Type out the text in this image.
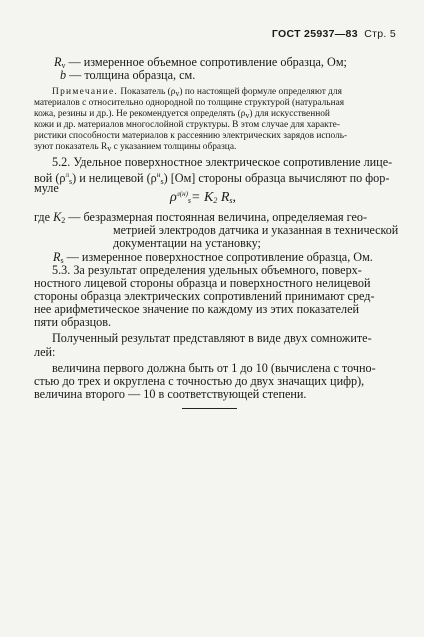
ГОСТ 25937—83 Стр. 5
$R_v$ — измеренное объемное сопротивление образца, Ом;
b — толщина образца, см.
Примечание. Показатель (ρv) по настоящей формуле определяют для
материалов с относительно однородной по толщине структурой (натуральная
кожа, резины и др.). Не рекомендуется определять (ρv) для искусственной
кожи и др. материалов многослойной структуры. В этом случае для характе-
ристики способности материалов к рассеянию электрических зарядов исполь-
зуют показатель Rv с указанием толщины образца.
5.2. Удельное поверхностное электрическое сопротивление лице-
вой $(\rho^л_s)$ и нелицевой $(\rho^н_s)$ [Ом] стороны образца вычисляют по фор-
муле
$\rho^{л(н)}_s= K_2$ $R_s$,
где $K_2$ — безразмерная постоянная величина, определяемая гео-
метрией электродов датчика и указанная в технической
документации на установку;
$R_s$ — измеренное поверхностное сопротивление образца, Ом.
5.3. За результат определения удельных объемного, поверх-
ностного лицевой стороны образца и поверхностного нелицевой
стороны образца электрических сопротивлений принимают сред-
нее арифметическое значение по каждому из этих показателей
пяти образцов.
Полученный результат представляют в виде двух сомножите-
лей:
величина первого должна быть от 1 до 10 (вычислена с точно-
стью до трех и округлена с точностью до двух значащих цифр),
величина второго — 10 в соответствующей степени.
